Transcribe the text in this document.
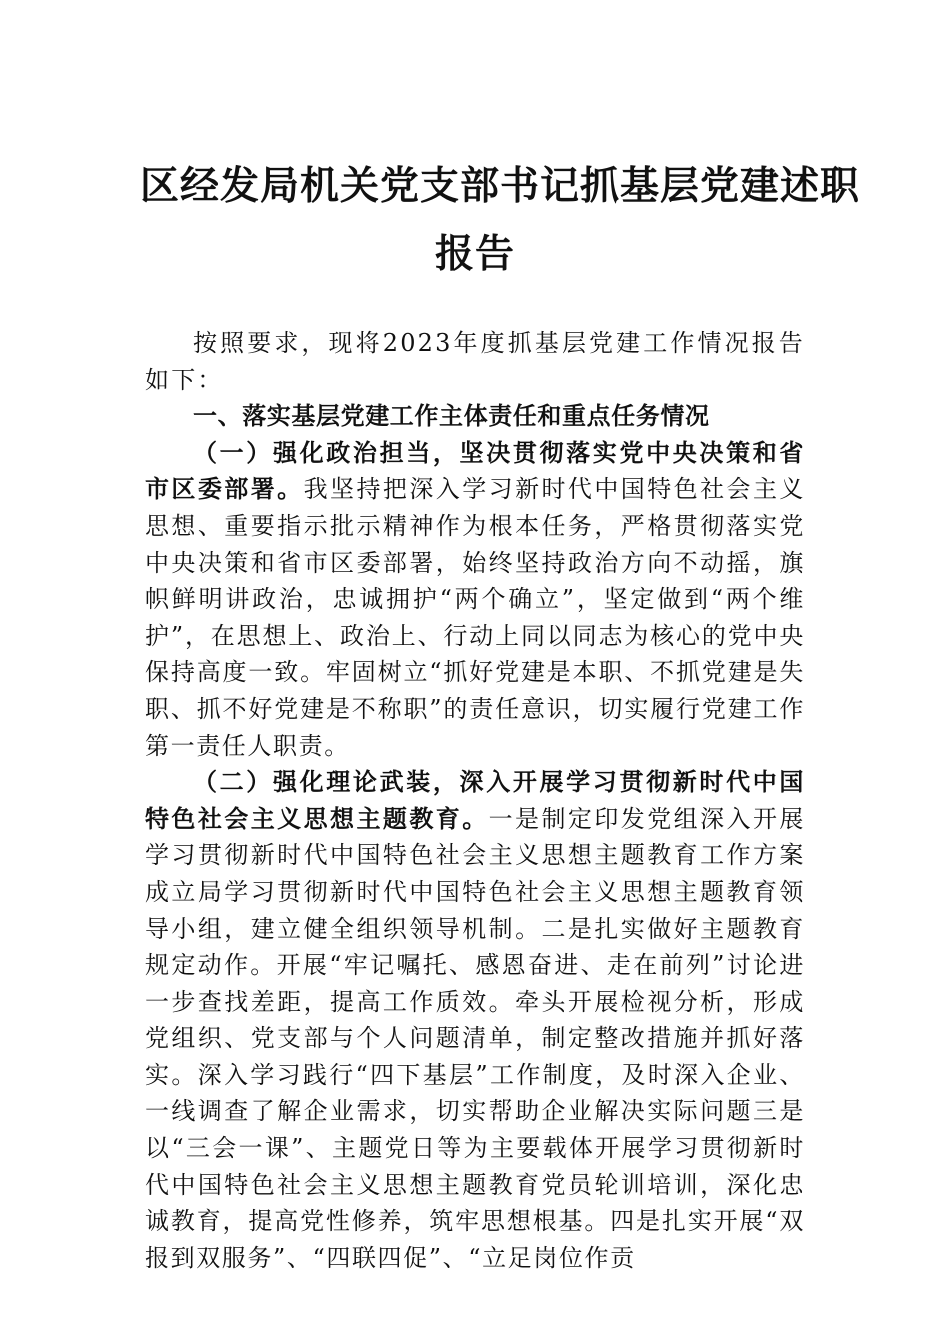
区经发局机关党支部书记抓基层党建述职
报告

按照要求，现将2023年度抓基层党建工作情况报告如下：

一、落实基层党建工作主体责任和重点任务情况

（一）强化政治担当，坚决贯彻落实党中央决策和省市区委部署。我坚持把深入学习新时代中国特色社会主义思想、重要指示批示精神作为根本任务，严格贯彻落实党中央决策和省市区委部署，始终坚持政治方向不动摇，旗帜鲜明讲政治，忠诚拥护“两个确立”，坚定做到“两个维护”，在思想上、政治上、行动上同以同志为核心的党中央保持高度一致。牢固树立“抓好党建是本职、不抓党建是失职、抓不好党建是不称职”的责任意识，切实履行党建工作第一责任人职责。

（二）强化理论武装，深入开展学习贯彻新时代中国特色社会主义思想主题教育。一是制定印发党组深入开展学习贯彻新时代中国特色社会主义思想主题教育工作方案成立局学习贯彻新时代中国特色社会主义思想主题教育领导小组，建立健全组织领导机制。二是扎实做好主题教育规定动作。开展“牢记嘱托、感恩奋进、走在前列”讨论进一步查找差距，提高工作质效。牵头开展检视分析，形成党组织、党支部与个人问题清单，制定整改措施并抓好落实。深入学习践行“四下基层”工作制度，及时深入企业、一线调查了解企业需求，切实帮助企业解决实际问题三是以“三会一课”、主题党日等为主要载体开展学习贯彻新时代中国特色社会主义思想主题教育党员轮训培训，深化忠诚教育，提高党性修养，筑牢思想根基。四是扎实开展“双报到双服务”、“四联四促”、“立足岗位作贡
